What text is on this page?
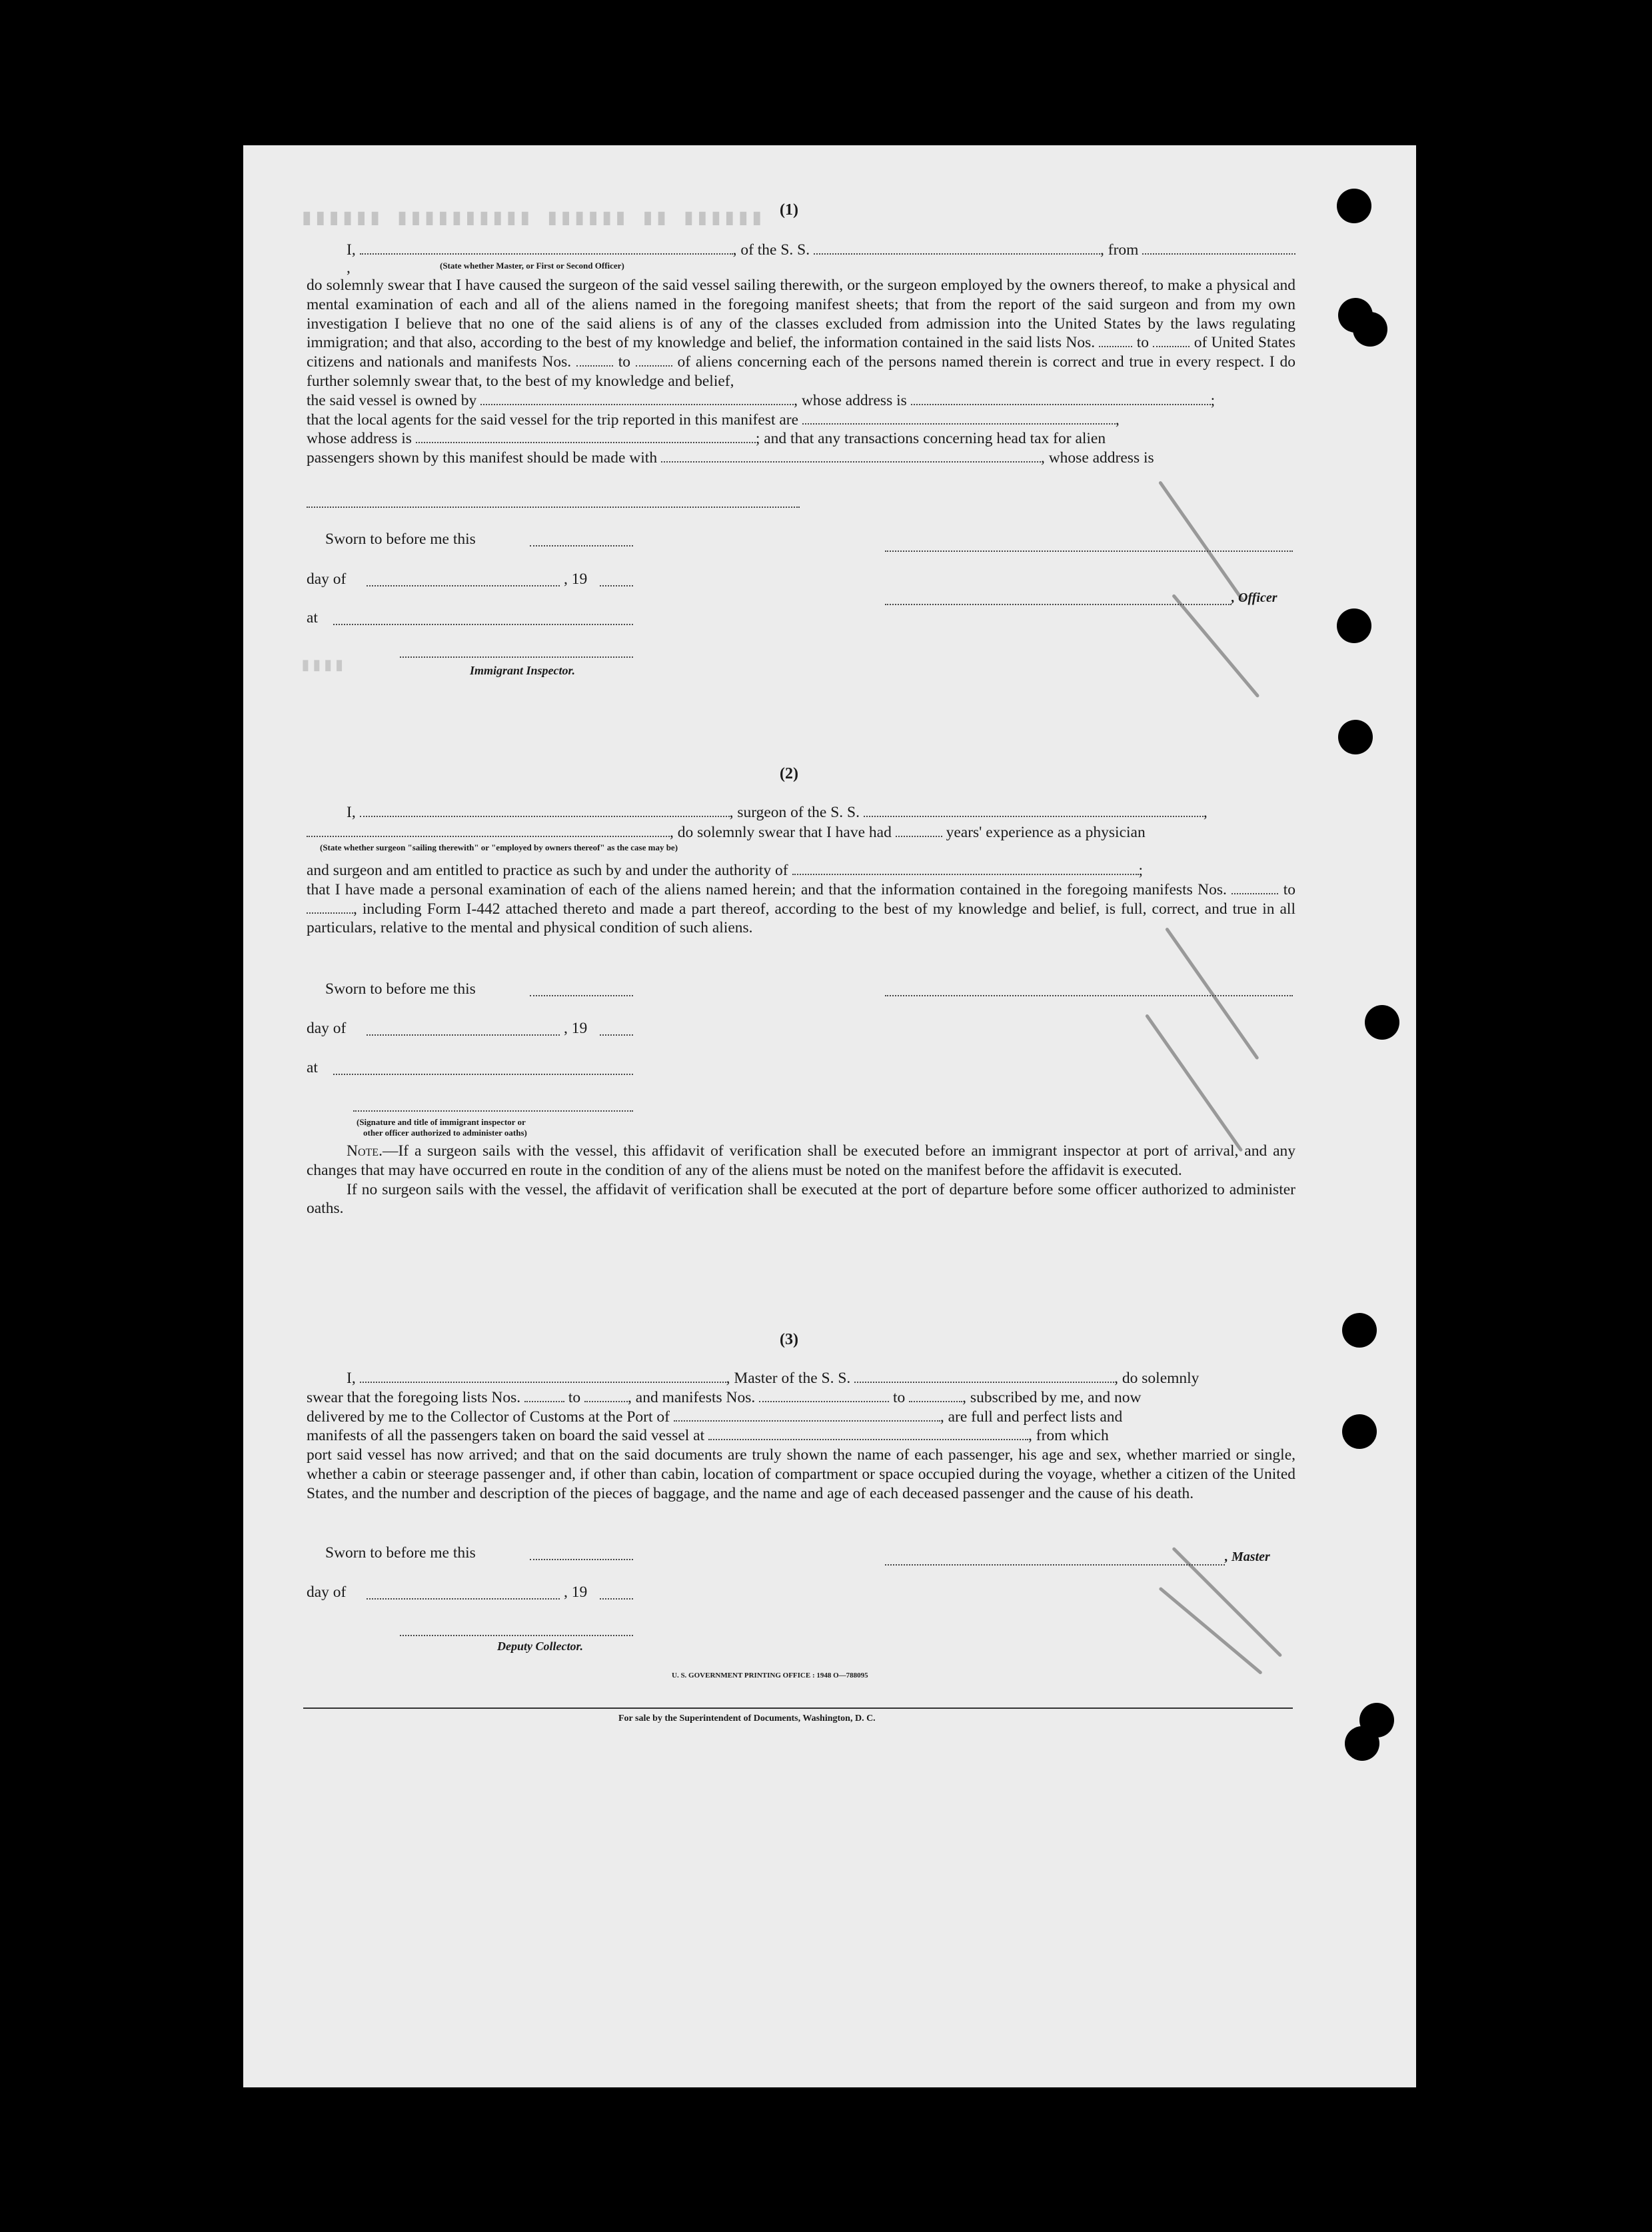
▮▮▮▮▮▮ ▮▮ ▮▮▮▮▮▮ ▮▮▮▮▮▮▮▮▮▮ ▮▮▮▮▮▮
▮▮▮▮
(1)
I,	, of the S. S.	, from ,	(State whether Master, or First or Second Officer)

do solemnly swear that I have caused the surgeon of the said vessel sailing therewith, or the surgeon employed by the owners thereof, to make a physical and mental examination of each and all of the aliens named in the foregoing manifest sheets; that from the report of the said surgeon and from my own investigation I believe that no one of the said aliens is of any of the classes excluded from admission into the United States by the laws regulating immigration; and that also, according to the best of my knowledge and belief, the information contained in the said lists Nos.	to	of United States citizens and nationals and manifests Nos.	to	of aliens concerning each of the persons named therein is correct and true in every respect. I do further solemnly swear that, to the best of my knowledge and belief,

the said vessel is owned by	, whose address is	;

that the local agents for the said vessel for the trip reported in this manifest are	,

whose address is	; and that any transactions concerning head tax for alien

passengers shown by this manifest should be made with	, whose address is

Sworn to before me this
day of	, 19
, Officer
at
Immigrant Inspector.
(2)
I,	, surgeon of the S. S.	,
, do solemnly swear that I have had	years' experience as a physician
(State whether surgeon "sailing therewith" or "employed by owners thereof" as the case may be)

and surgeon and am entitled to practice as such by and under the authority of	;

that I have made a personal examination of each of the aliens named herein; and that the information contained in the foregoing manifests Nos.	to , including Form I-442 attached thereto and made a part thereof, according to the best of my knowledge and belief, is full, correct, and true in all particulars, relative to the mental and physical condition of such aliens.

Sworn to before me this
day of	, 19
at
(Signature and title of immigrant inspector or
other officer authorized to administer oaths)

Note.—If a surgeon sails with the vessel, this affidavit of verification shall be executed before an immigrant inspector at port of arrival, and any changes that may have occurred en route in the condition of any of the aliens must be noted on the manifest before the affidavit is executed.

If no surgeon sails with the vessel, the affidavit of verification shall be executed at the port of departure before some officer authorized to administer oaths.

(3)

I,	, Master of the S. S.	, do solemnly

swear that the foregoing lists Nos.	to	, and manifests Nos.	to	, subscribed by me, and now

delivered by me to the Collector of Customs at the Port of	, are full and perfect lists and

manifests of all the passengers taken on board the said vessel at	, from which

port said vessel has now arrived; and that on the said documents are truly shown the name of each passenger, his age and sex, whether married or single, whether a cabin or steerage passenger and, if other than cabin, location of compartment or space occupied during the voyage, whether a citizen of the United States, and the number and description of the pieces of baggage, and the name and age of each deceased passenger and the cause of his death.

Sworn to before me this	, Master
day of	, 19
Deputy Collector.
U. S. GOVERNMENT PRINTING OFFICE : 1948 O—788095
For sale by the Superintendent of Documents, Washington, D. C.
